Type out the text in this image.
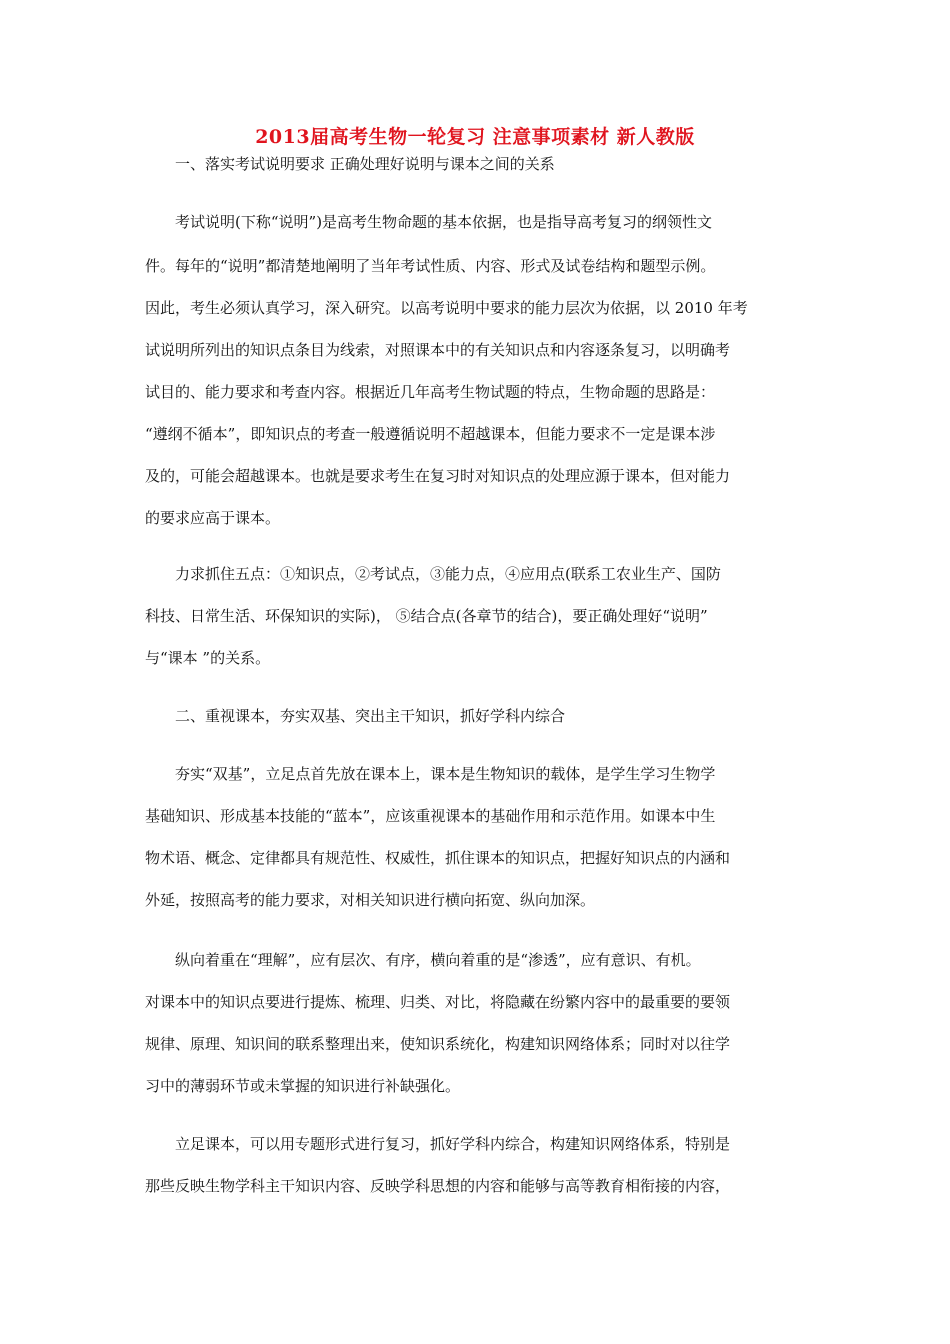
2013届高考生物一轮复习 注意事项素材 新人教版
一、落实考试说明要求 正确处理好说明与课本之间的关系
考试说明(下称“说明”)是高考生物命题的基本依据，也是指导高考复习的纲领性文
件。每年的“说明”都清楚地阐明了当年考试性质、内容、形式及试卷结构和题型示例。
因此，考生必须认真学习，深入研究。以高考说明中要求的能力层次为依据，以 2010 年考
试说明所列出的知识点条目为线索，对照课本中的有关知识点和内容逐条复习，以明确考
试目的、能力要求和考查内容。根据近几年高考生物试题的特点，生物命题的思路是：
“遵纲不循本”，即知识点的考查一般遵循说明不超越课本，但能力要求不一定是课本涉
及的，可能会超越课本。也就是要求考生在复习时对知识点的处理应源于课本，但对能力
的要求应高于课本。
力求抓住五点：①知识点，②考试点，③能力点，④应用点(联系工农业生产、国防
科技、日常生活、环保知识的实际)， ⑤结合点(各章节的结合)，要正确处理好“说明”
与“课本 ”的关系。
二、重视课本，夯实双基、突出主干知识，抓好学科内综合
夯实“双基”，立足点首先放在课本上，课本是生物知识的载体，是学生学习生物学
基础知识、形成基本技能的“蓝本”，应该重视课本的基础作用和示范作用。如课本中生
物术语、概念、定律都具有规范性、权威性，抓住课本的知识点，把握好知识点的内涵和
外延，按照高考的能力要求，对相关知识进行横向拓宽、纵向加深。
纵向着重在“理解”，应有层次、有序，横向着重的是“渗透”，应有意识、有机。
对课本中的知识点要进行提炼、梳理、归类、对比，将隐藏在纷繁内容中的最重要的要领
规律、原理、知识间的联系整理出来，使知识系统化，构建知识网络体系；同时对以往学
习中的薄弱环节或未掌握的知识进行补缺强化。
立足课本，可以用专题形式进行复习，抓好学科内综合，构建知识网络体系，特别是
那些反映生物学科主干知识内容、反映学科思想的内容和能够与高等教育相衔接的内容，
